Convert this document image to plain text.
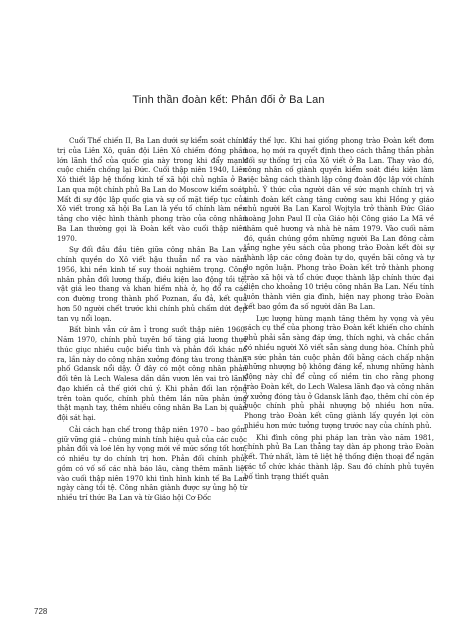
Tinh thần đoàn kết: Phản đối ở Ba Lan

Cuối Thế chiến II, Ba Lan dưới sự kiểm soát chính trị của Liên Xô, quân đội Liên Xô chiếm đóng phần lớn lãnh thổ của quốc gia này trong khi đẩy mạnh cuộc chiến chống lại Đức. Cuối thập niên 1940, Liên Xô thiết lập hệ thống kinh tế xã hội chủ nghĩa ở Ba Lan qua một chính phủ Ba Lan do Moscow kiểm soát. Mất đi sự độc lập quốc gia và sự cố mặt tiếp tục của Xô viết trong xã hội Ba Lan là yếu tố chính làm nền tảng cho việc hình thành phong trào của công nhân Ba Lan thường gọi là Đoàn kết vào cuối thập niên 1970.

Sự đối đầu đầu tiên giữa công nhân Ba Lan và chính quyền do Xô viết hậu thuẫn nổ ra vào năm 1956, khi nền kinh tế suy thoái nghiêm trọng. Công nhân phản đối lương thấp, điều kiện lao động tồi tệ, vật giá leo thang và khan hiếm nhà ở, họ đổ ra các con đường trong thành phố Poznan, ẩu đả, kết quả hơn 50 người chết trước khi chính phủ chấm dứt đẹp tan vụ nổi loạn.

Bất bình vẫn cứ âm ỉ trong suốt thập niên 1960. Năm 1970, chính phủ tuyên bố tăng giá lương thực thúc giục nhiều cuộc biểu tình và phản đối khác nổ ra, lần này do công nhân xưởng đóng tàu trong thành phố Gdansk nổi dậy. Ở đây có một công nhân phản đối tên là Lech Walesa dần dần vươn lên vai trò lãnh đạo khiến cả thế giới chú ý. Khi phản đối lan rộng trên toàn quốc, chính phủ thêm lần nữa phản ứng thật mạnh tay, thêm nhiều công nhân Ba Lan bị quân đội sát hại.

Cải cách hạn chế trong thập niên 1970 – bao gồm giữ vững giá – chúng minh tính hiệu quả của các cuộc phản đối và loé lên hy vọng mới về mức sống tốt hơn, có nhiều tự do chính trị hơn. Phản đối chính phủ, gồm có vố số các nhà báo lâu, càng thêm mãnh liệt vào cuối thập niên 1970 khi tình hình kinh tế Ba Lan ngày càng tồi tệ. Công nhân giành được sự ủng hộ từ nhiều trí thức Ba Lan và từ Giáo hội Cơ Đốc

đầy thế lực. Khi hai giống phong trào Đoàn kết đơm hoa, họ mới ra quyết định theo cách thẳng thắn phản đối sự thống trị của Xô viết ở Ba Lan. Thay vào đó, công nhân cố giành quyền kiểm soát điều kiện làm việc bằng cách thành lập công đoàn độc lập với chính phủ. Ý thức của người dân về sức mạnh chính trị và tinh đoàn kết càng tăng cường sau khi Hồng y giáo chủ người Ba Lan Karol Wojtyla trở thành Đức Giáo hoàng John Paul II của Giáo hội Công giáo La Mã về thăm quê hương và nhà hè năm 1979. Vào cuối năm đó, quần chúng gồm những người Ba Lan đông cảm lắng nghe yêu sách của phong trào Đoàn kết đòi sự thành lập các công đoàn tự do, quyền bãi công và tự do ngôn luận. Phong trào Đoàn kết trở thành phong trào xã hội và tổ chức được thành lập chính thức đại diện cho khoảng 10 triệu công nhân Ba Lan. Nếu tính luôn thành viên gia đình, hiện nay phong trào Đoàn kết bao gồm đa số người dân Ba Lan.

Lực lượng hùng mạnh tăng thêm hy vọng và yêu sách cụ thể của phong trào Đoàn kết khiến cho chính phủ phải sẵn sàng đáp ứng, thích nghi, và chắc chắn có nhiều người Xô viết sẵn sàng dung hòa. Chính phủ ra sức phản tán cuộc phản đối bằng cách chấp nhận những nhượng bộ không đáng kể, nhưng những hành động này chỉ để củng cố niềm tin cho rằng phong trào Đoàn kết, do Lech Walesa lãnh đạo và công nhân ở xưởng đóng tàu ở Gdansk lãnh đạo, thêm chí còn ép buộc chính phủ phải nhượng bộ nhiều hơn nữa. Phong trào Đoàn kết cũng giành lấy quyền lợi còn nhiều hơn mức tưởng tượng trước nay của chính phủ.

Khi đình công phi pháp lan tràn vào năm 1981, chính phủ Ba Lan thẳng tay dàn áp phong trào Đoàn kết. Thứ nhất, làm tê liệt hệ thống điện thoại để ngăn các tổ chức khác thành lập. Sau đó chính phủ tuyên bố tình trạng thiết quân

728
